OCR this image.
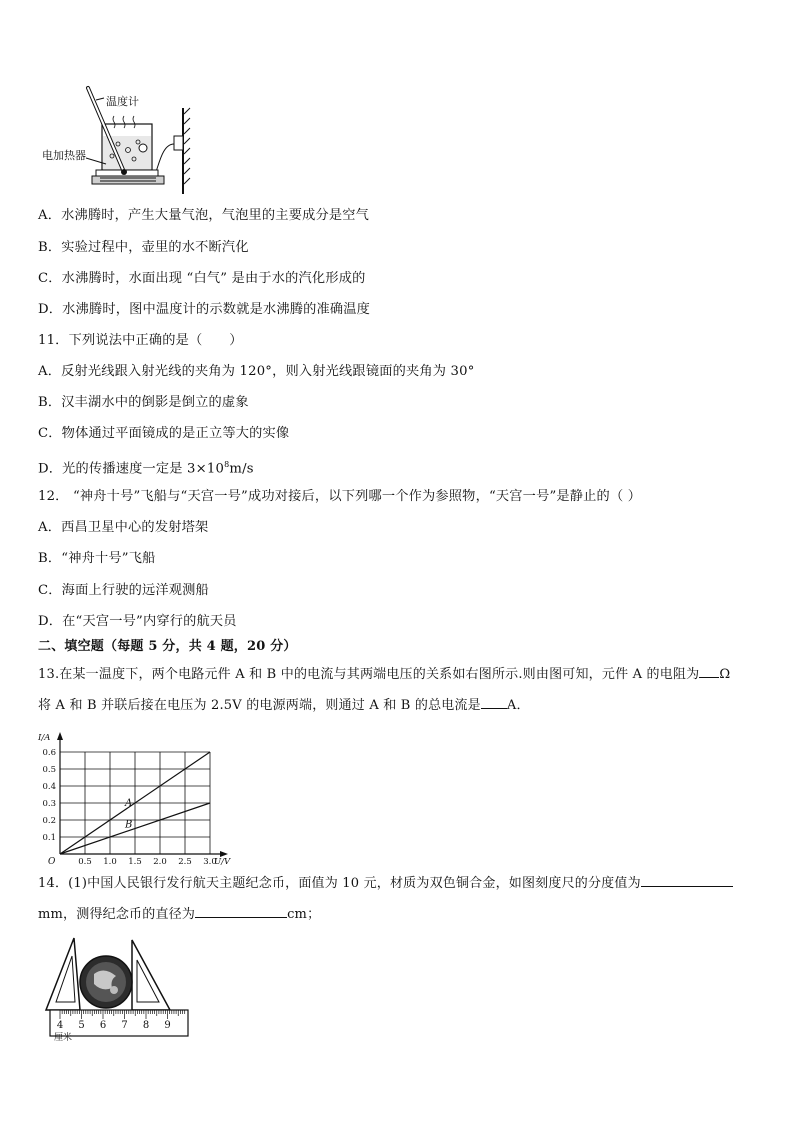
温度计
电加热器
A．水沸腾时，产生大量气泡，气泡里的主要成分是空气
B．实验过程中，壶里的水不断汽化
C．水沸腾时，水面出现 “白气” 是由于水的汽化形成的
D．水沸腾时，图中温度计的示数就是水沸腾的准确温度
11．下列说法中正确的是（　　）
A．反射光线跟入射光线的夹角为 120°，则入射光线跟镜面的夹角为 30°
B．汉丰湖水中的倒影是倒立的虚象
C．物体通过平面镜成的是正立等大的实像
D．光的传播速度一定是 $3\times 10^8m/s$
12． “神舟十号”飞船与“天宫一号”成功对接后，以下列哪一个作为参照物，“天宫一号”是静止的（ ）
A．西昌卫星中心的发射塔架
B．“神舟十号”飞船
C．海面上行驶的远洋观测船
D．在“天宫一号”内穿行的航天员
二、填空题（每题 5 分，共 4 题，20 分）
13.在某一温度下，两个电路元件 A 和 B 中的电流与其两端电压的关系如右图所示.则由图可知，元件 A 的电阻为 Ω
将 A 和 B 并联后接在电压为 2.5V 的电源两端，则通过 A 和 B 的总电流是 A．
A
B
0.5 1.0 1.5 2.0 2.5 3.0
0.1
0.2
0.3
0.4
0.5
0.6
O	U/V
I/A
14．(1)中国人民银行发行航天主题纪念币，面值为 10 元，材质为双色铜合金，如图刻度尺的分度值为
mm，测得纪念币的直径为	cm；
4 5 6 7 8 9
厘米
